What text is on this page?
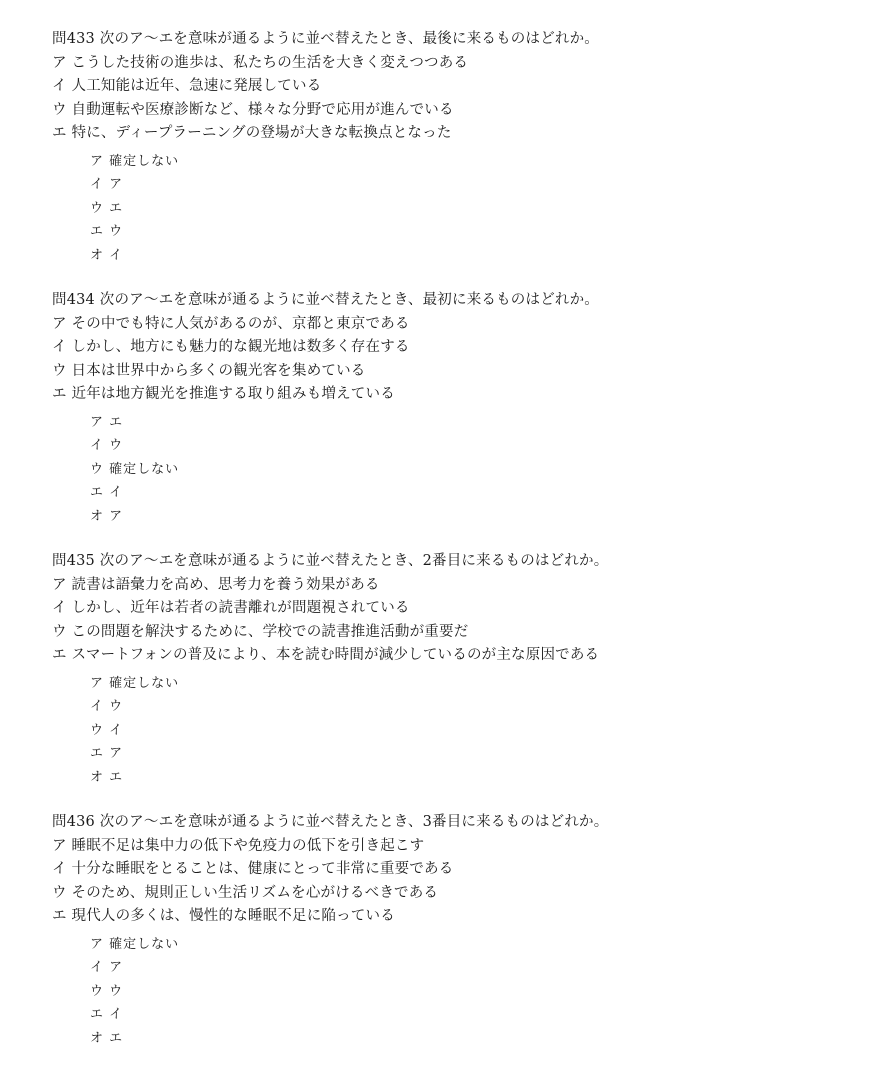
問433 次のア〜エを意味が通るように並べ替えたとき、最後に来るものはどれか。
ア こうした技術の進歩は、私たちの生活を大きく変えつつある
イ 人工知能は近年、急速に発展している
ウ 自動運転や医療診断など、様々な分野で応用が進んでいる
エ 特に、ディープラーニングの登場が大きな転換点となった
ア 確定しない
イ ア
ウ エ
エ ウ
オ イ
問434 次のア〜エを意味が通るように並べ替えたとき、最初に来るものはどれか。
ア その中でも特に人気があるのが、京都と東京である
イ しかし、地方にも魅力的な観光地は数多く存在する
ウ 日本は世界中から多くの観光客を集めている
エ 近年は地方観光を推進する取り組みも増えている
ア エ
イ ウ
ウ 確定しない
エ イ
オ ア
問435 次のア〜エを意味が通るように並べ替えたとき、2番目に来るものはどれか。
ア 読書は語彙力を高め、思考力を養う効果がある
イ しかし、近年は若者の読書離れが問題視されている
ウ この問題を解決するために、学校での読書推進活動が重要だ
エ スマートフォンの普及により、本を読む時間が減少しているのが主な原因である
ア 確定しない
イ ウ
ウ イ
エ ア
オ エ
問436 次のア〜エを意味が通るように並べ替えたとき、3番目に来るものはどれか。
ア 睡眠不足は集中力の低下や免疫力の低下を引き起こす
イ 十分な睡眠をとることは、健康にとって非常に重要である
ウ そのため、規則正しい生活リズムを心がけるべきである
エ 現代人の多くは、慢性的な睡眠不足に陥っている
ア 確定しない
イ ア
ウ ウ
エ イ
オ エ
